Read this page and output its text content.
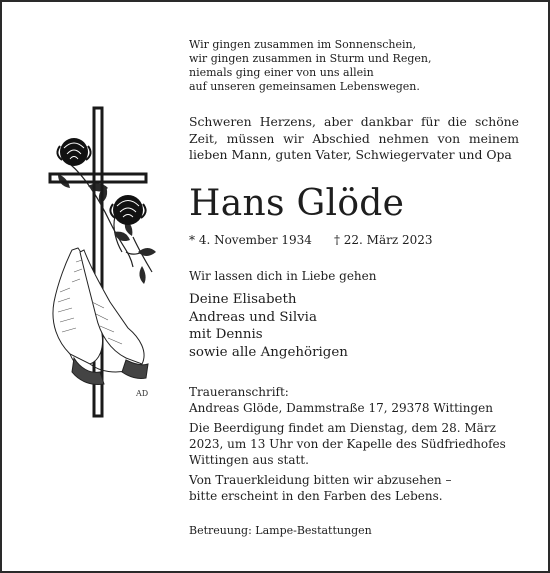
AD
Wir gingen zusammen im Sonnenschein,
wir gingen zusammen in Sturm und Regen,
niemals ging einer von uns allein
auf unseren gemeinsamen Lebenswegen.
Schweren Herzens, aber dankbar für die schöne Zeit, müssen wir Abschied nehmen von meinem lieben Mann, guten Vater, Schwiegervater und Opa
Hans Glöde
* 4. November 1934 † 22. März 2023
Wir lassen dich in Liebe gehen
Deine Elisabeth
Andreas und Silvia
mit Dennis
sowie alle Angehörigen
Traueranschrift:
Andreas Glöde, Dammstraße 17, 29378 Wittingen
Die Beerdigung findet am Dienstag, dem 28. März 2023, um 13 Uhr von der Kapelle des Südfriedhofes Wittingen aus statt.
Von Trauerkleidung bitten wir abzusehen –
bitte erscheint in den Farben des Lebens.
Betreuung: Lampe-Bestattungen
